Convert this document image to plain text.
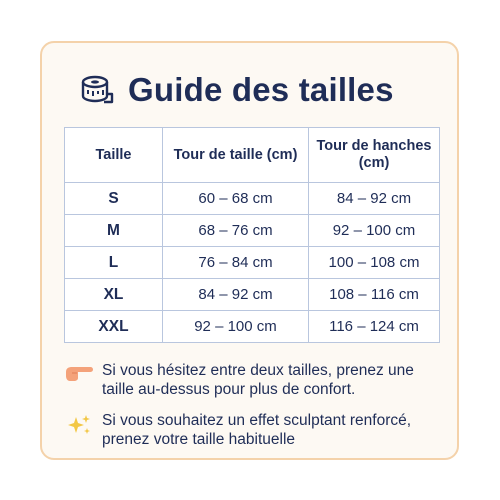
Guide des tailles
Taille	Tour de taille (cm)	Tour de hanches (cm)
S	60 – 68 cm	84 – 92 cm
M	68 – 76 cm	92 – 100 cm
L	76 – 84 cm	100 – 108 cm
XL	84 – 92 cm	108 – 116 cm
XXL	92 – 100 cm	116 – 124 cm
Si vous hésitez entre deux tailles, prenez une taille au-dessus pour plus de confort.
Si vous souhaitez un effet sculptant renforcé, prenez votre taille habituelle
